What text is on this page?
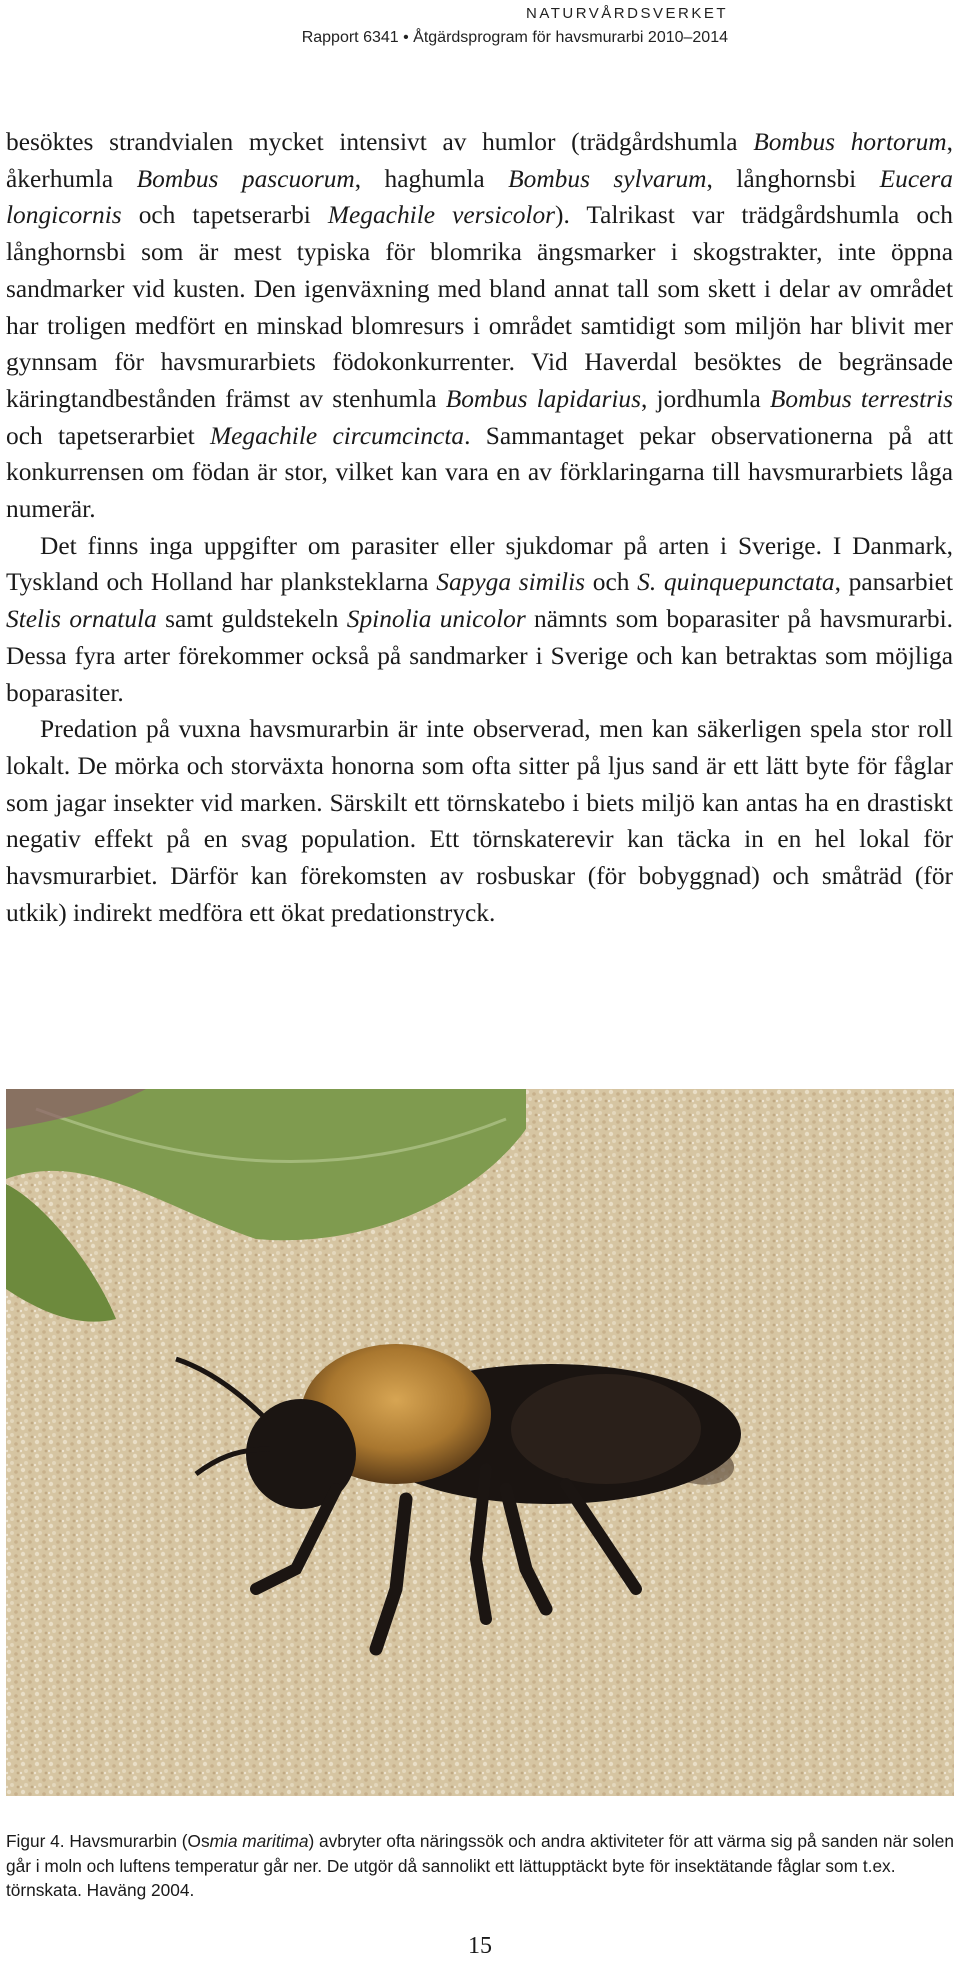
NATURVÅRDSVERKET
Rapport 6341 • Åtgärdsprogram för havsmurarbi 2010–2014

besöktes strandvialen mycket intensivt av humlor (trädgårdshumla Bombus hortorum, åkerhumla Bombus pascuorum, haghumla Bombus sylvarum, långhornsbi Eucera longicornis och tapetserarbi Megachile versicolor). Talrikast var trädgårdshumla och långhornsbi som är mest typiska för blomrika ängsmarker i skogstrakter, inte öppna sandmarker vid kusten. Den igenväxning med bland annat tall som skett i delar av området har troligen medfört en minskad blomresurs i området samtidigt som miljön har blivit mer gynnsam för havsmurarbiets födokonkurrenter. Vid Haverdal besöktes de begränsade käringtandbestånden främst av stenhumla Bombus lapidarius, jordhumla Bombus terrestris och tapetserarbiet Megachile circumcincta. Sammantaget pekar observationerna på att konkurrensen om födan är stor, vilket kan vara en av förklaringarna till havsmurarbiets låga numerär.

Det finns inga uppgifter om parasiter eller sjukdomar på arten i Sverige. I Danmark, Tyskland och Holland har planksteklarna Sapyga similis och S. quinquepunctata, pansarbiet Stelis ornatula samt guldstekeln Spinolia unicolor nämnts som boparasiter på havsmurarbi. Dessa fyra arter förekommer också på sandmarker i Sverige och kan betraktas som möjliga boparasiter.

Predation på vuxna havsmurarbin är inte observerad, men kan säkerligen spela stor roll lokalt. De mörka och storväxta honorna som ofta sitter på ljus sand är ett lätt byte för fåglar som jagar insekter vid marken. Särskilt ett törnskatebo i biets miljö kan antas ha en drastiskt negativ effekt på en svag population. Ett törnskaterevir kan täcka in en hel lokal för havsmurarbiet. Därför kan förekomsten av rosbuskar (för bobyggnad) och småträd (för utkik) indirekt medföra ett ökat predationstryck.

Figur 4. Havsmurarbin (Osmia maritima) avbryter ofta näringssök och andra aktiviteter för att värma sig på sanden när solen går i moln och luftens temperatur går ner. De utgör då sannolikt ett lättupptäckt byte för insektätande fåglar som t.ex. törnskata. Haväng 2004.

15
